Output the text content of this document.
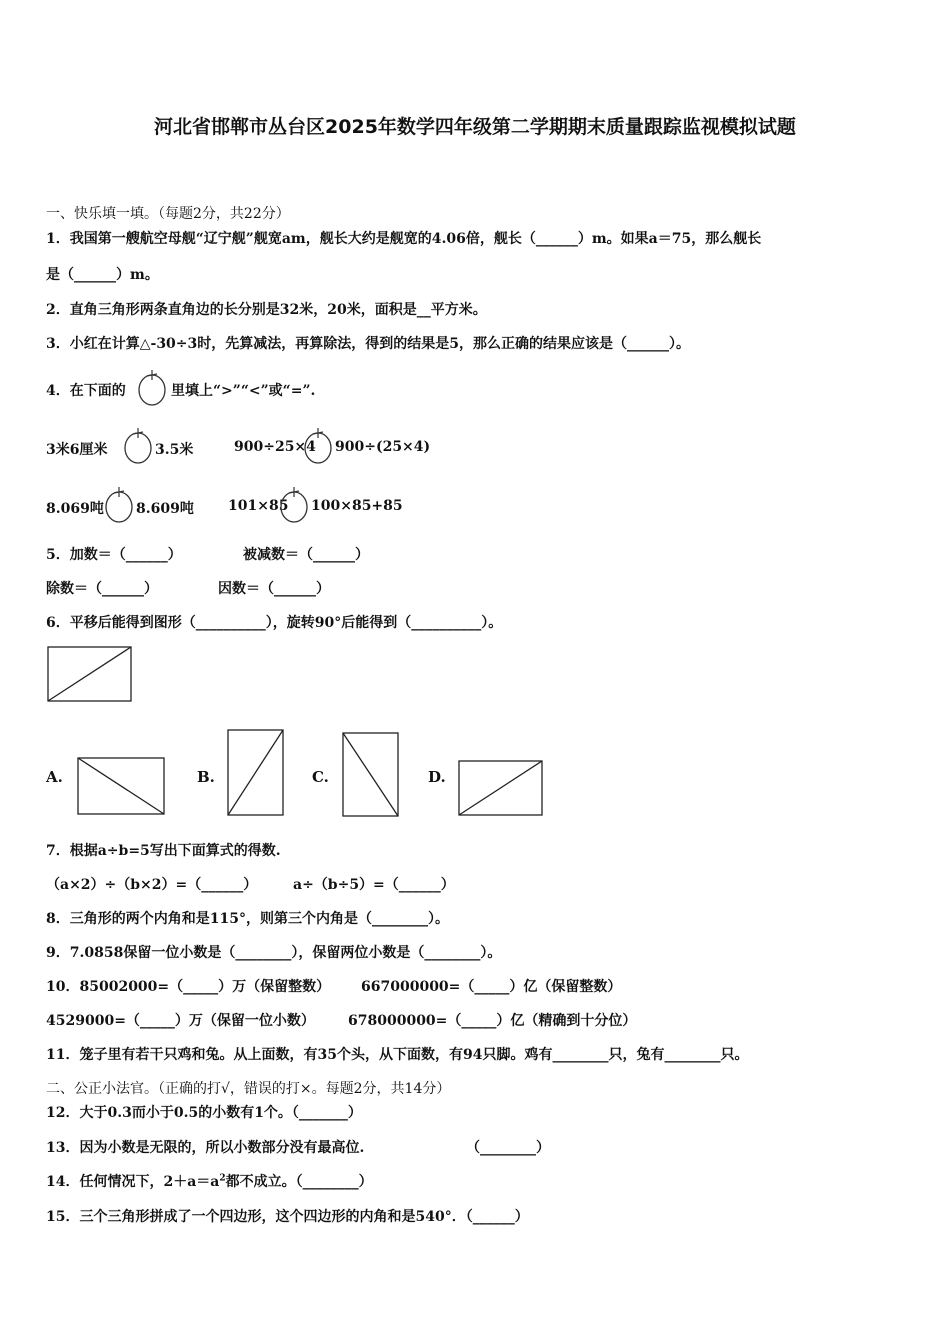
河北省邯郸市丛台区2025年数学四年级第二学期期末质量跟踪监视模拟试题
一、快乐填一填。（每题2分，共22分）
1．我国第一艘航空母舰“辽宁舰”舰宽am，舰长大约是舰宽的4.06倍，舰长（______）m。如果a＝75，那么舰长
是（______）m。
2．直角三角形两条直角边的长分别是32米，20米，面积是__平方米。
3．小红在计算△-30÷3时，先算减法，再算除法，得到的结果是5，那么正确的结果应该是（______）。
4．在下面的	里填上“>”“<”或“=”.
3米6厘米	3.5米	900÷25×4 900÷(25×4)
8.069吨 8.609吨 101×85 100×85+85
5．加数＝（______）	被减数＝（______）
除数＝（______）	因数＝（______）
6．平移后能得到图形（__________），旋转90°后能得到（__________）。
A.	B.	C.	D.
7．根据a÷b=5写出下面算式的得数.
（a×2）÷（b×2）=（______）	a÷（b÷5）=（______）
8．三角形的两个内角和是115°，则第三个内角是（________）。
9．7.0858保留一位小数是（________），保留两位小数是（________）。
10．85002000=（_____）万（保留整数） 667000000=（_____）亿（保留整数）
4529000=（_____）万（保留一位小数） 678000000=（_____）亿（精确到十分位）
11．笼子里有若干只鸡和兔。从上面数，有35个头，从下面数，有94只脚。鸡有________只，兔有________只。
二、公正小法官。（正确的打√，错误的打×。每题2分，共14分）
12．大于0.3而小于0.5的小数有1个。（_______）
13．因为小数是无限的，所以小数部分没有最高位.	（________）
14．任何情况下，$2+a=a^2$都不成立。（________）
15．三个三角形拼成了一个四边形，这个四边形的内角和是540°．（______）
